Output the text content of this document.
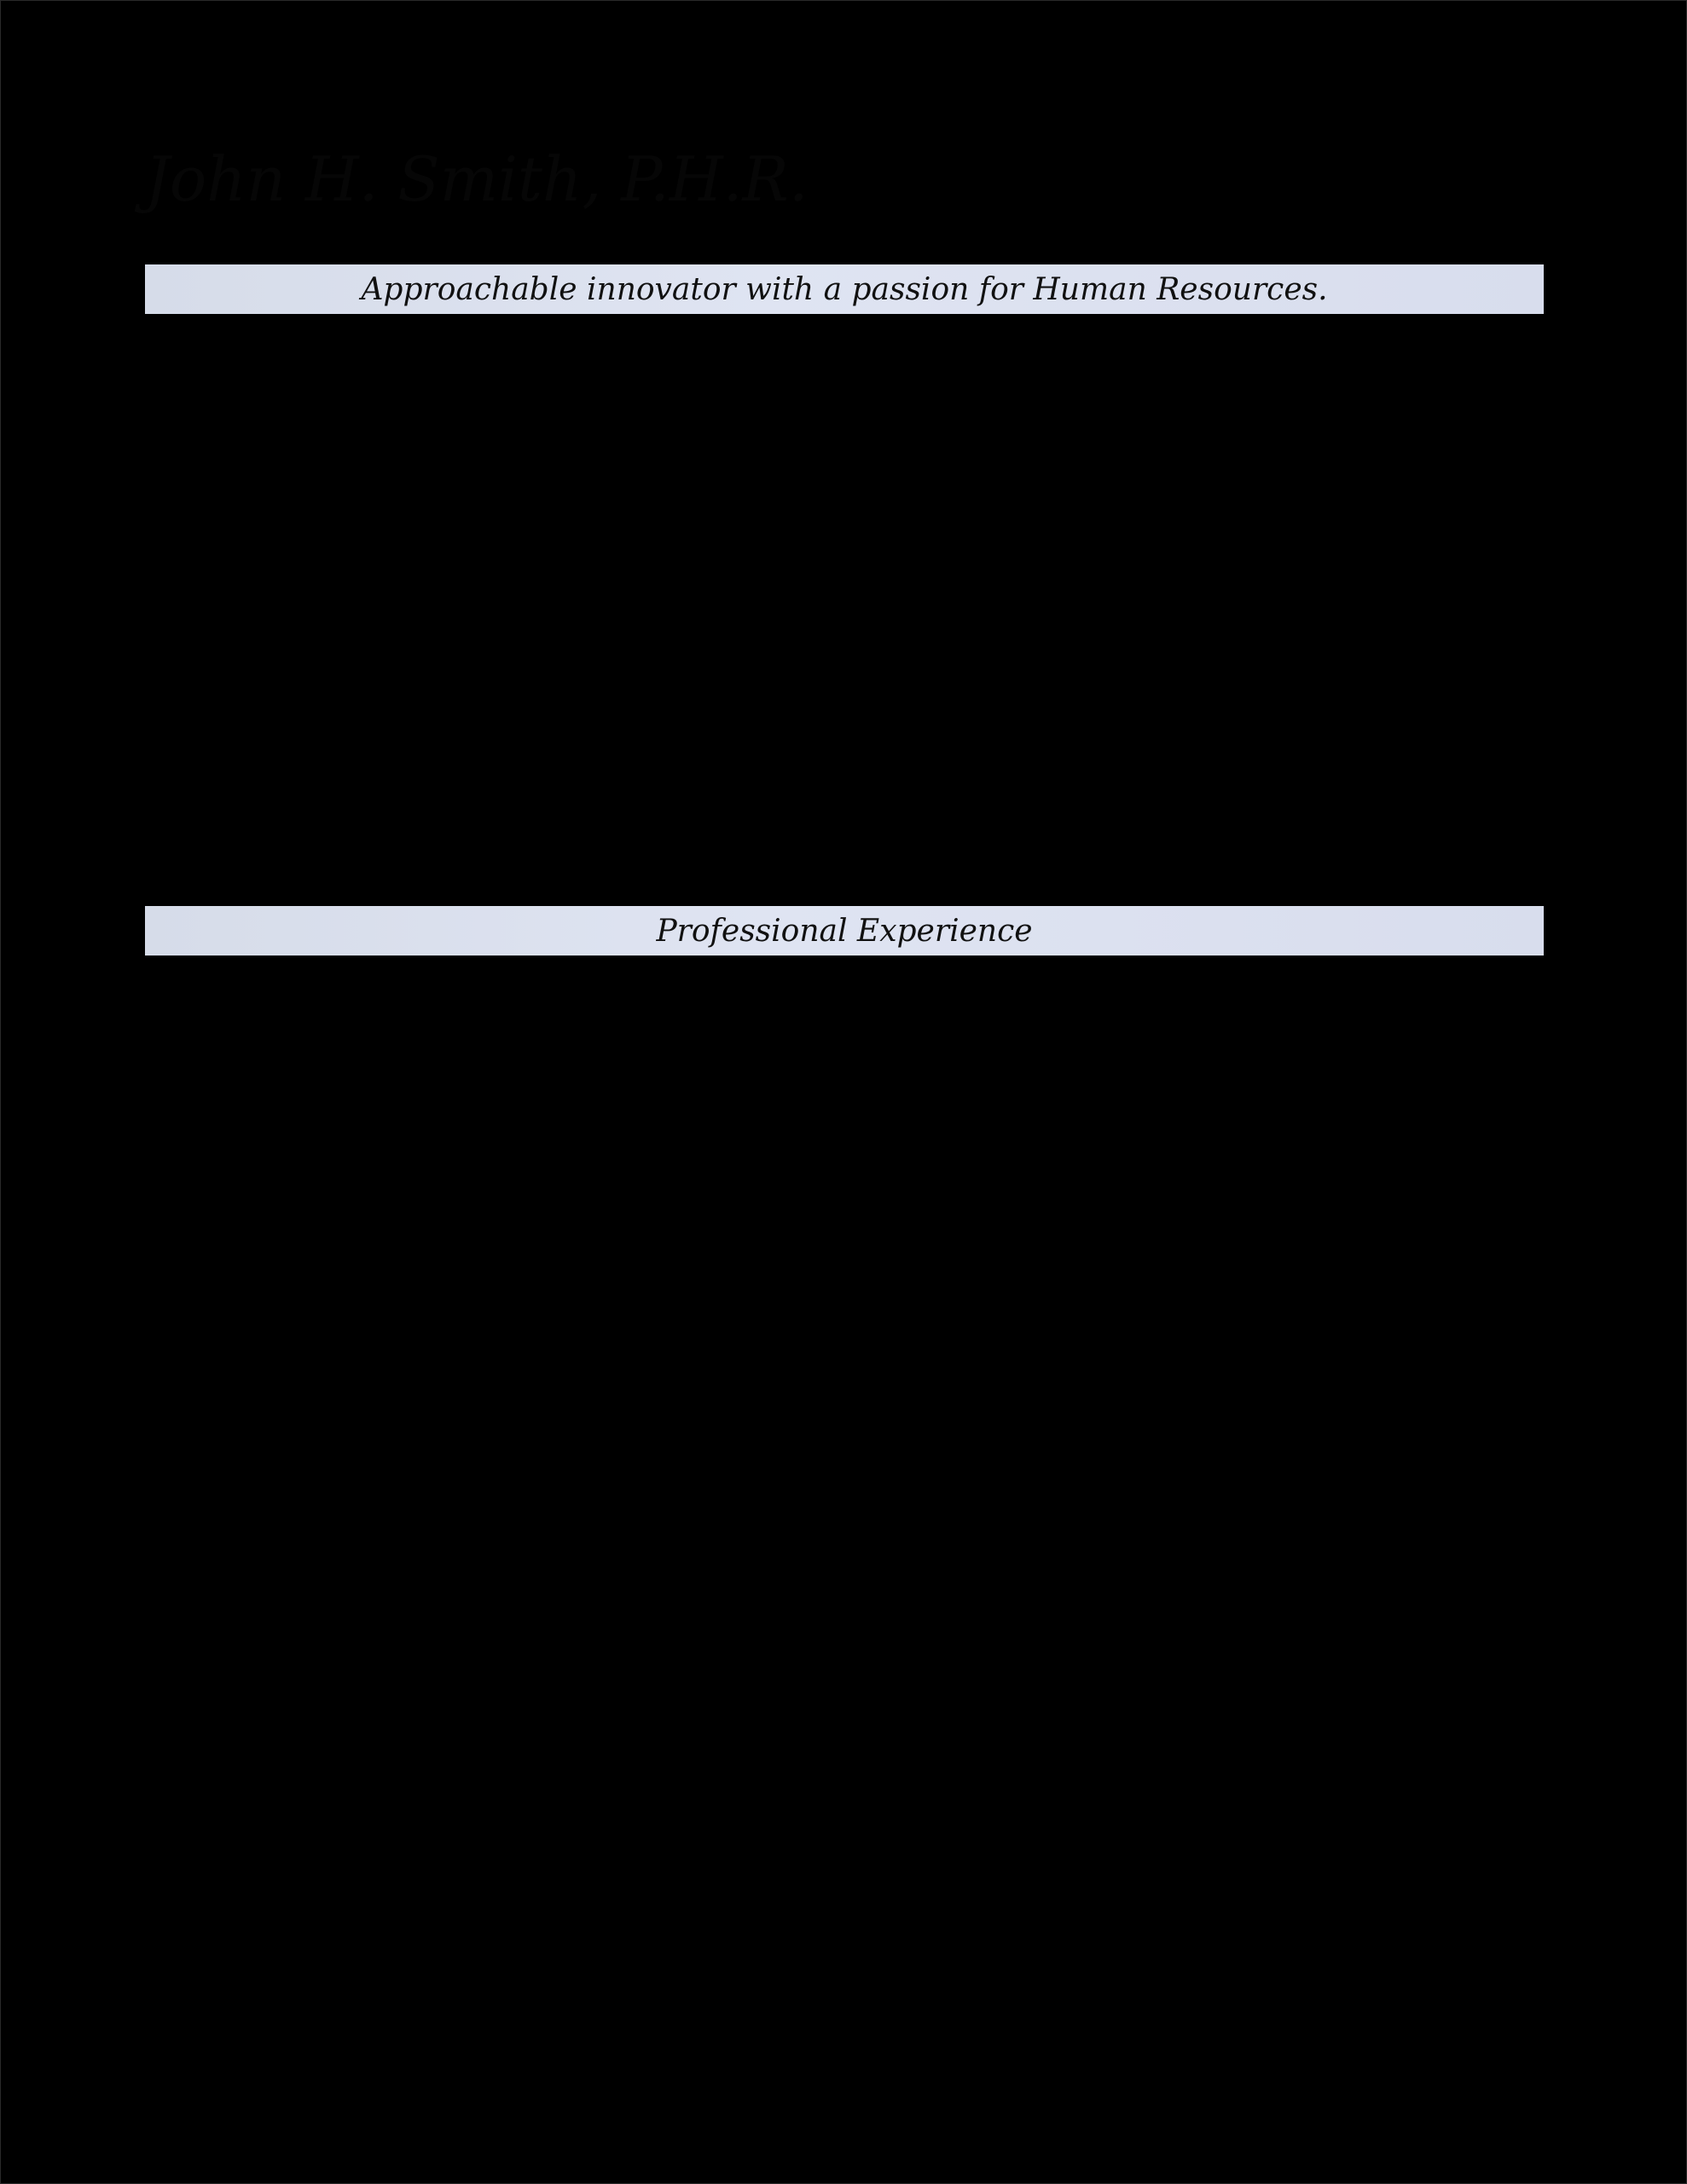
John H. Smith, P.H.R.
Approachable innovator with a passion for Human Resources.
Professional Experience
